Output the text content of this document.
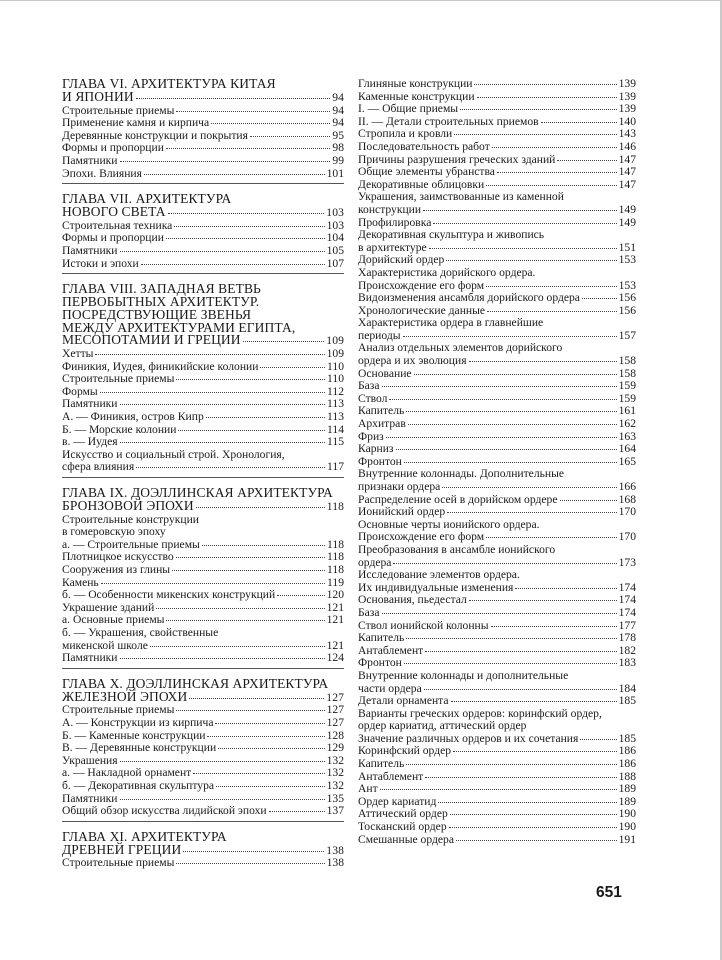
ГЛАВА VI. АРХИТЕКТУРА КИТАЯ
И ЯПОНИИ	94
Строительные приемы	94
Применение камня и кирпича	94
Деревянные конструкции и покрытия	95
Формы и пропорции	98
Памятники	99
Эпохи. Влияния	101
ГЛАВА VII. АРХИТЕКТУРА
НОВОГО СВЕТА	103
Строительная техника	103
Формы и пропорции	104
Памятники	105
Истоки и эпохи	107
ГЛАВА VIII. ЗАПАДНАЯ ВЕТВЬ
ПЕРВОБЫТНЫХ АРХИТЕКТУР.
ПОСРЕДСТВУЮЩИЕ ЗВЕНЬЯ
МЕЖДУ АРХИТЕКТУРАМИ ЕГИПТА,
МЕСОПОТАМИИ И ГРЕЦИИ	109
Хетты	109
Финикия, Иудея, финикийские колонии	110
Строительные приемы	110
Формы	112
Памятники	113
А. — Финикия, остров Кипр	113
Б. — Морские колонии	114
в. — Иудея	115
Искусство и социальный строй. Хронология,
сфера влияния	117
ГЛАВА IX. ДОЭЛЛИНСКАЯ АРХИТЕКТУРА
БРОНЗОВОЙ ЭПОХИ	118
Строительные конструкции
в гомеровскую эпоху
а. — Строительные приемы	118
Плотницкое искусство	118
Сооружения из глины	118
Камень	119
б. — Особенности микенских конструкций	120
Украшение зданий	121
а. Основные приемы	121
б. — Украшения, свойственные
микенской школе	121
Памятники	124
ГЛАВА X. ДОЭЛЛИНСКАЯ АРХИТЕКТУРА
ЖЕЛЕЗНОЙ ЭПОХИ	127
Строительные приемы	127
А. — Конструкции из кирпича	127
Б. — Каменные конструкции	128
В. — Деревянные конструкции	129
Украшения	132
а. — Накладной орнамент	132
б. — Декоративная скульптура	132
Памятники	135
Общий обзор искусства лидийской эпохи	137
ГЛАВА XI. АРХИТЕКТУРА
ДРЕВНЕЙ ГРЕЦИИ	138
Строительные приемы	138
Глиняные конструкции	139
Каменные конструкции	139
I. — Общие приемы	139
II. — Детали строительных приемов	140
Стропила и кровли	143
Последовательность работ	146
Причины разрушения греческих зданий	147
Общие элементы убранства	147
Декоративные облицовки	147
Украшения, заимствованные из каменной
конструкции	149
Профилировка	149
Декоративная скульптура и живопись
в архитектуре	151
Дорийский ордер	153
Характеристика дорийского ордера.
Происхождение его форм	153
Видоизменения ансамбля дорийского ордера	156
Хронологические данные	156
Характеристика ордера в главнейшие
периоды	157
Анализ отдельных элементов дорийского
ордера и их эволюция	158
Основание	158
База	159
Ствол	159
Капитель	161
Архитрав	162
Фриз	163
Карниз	164
Фронтон	165
Внутренние колоннады. Дополнительные
признаки ордера	166
Распределение осей в дорийском ордере	168
Ионийский ордер	170
Основные черты ионийского ордера.
Происхождение его форм	170
Преобразования в ансамбле ионийского
ордера	173
Исследование элементов ордера.
Их индивидуальные изменения	174
Основания, пьедестал	174
База	174
Ствол ионийской колонны	177
Капитель	178
Антаблемент	182
Фронтон	183
Внутренние колоннады и дополнительные
части ордера	184
Детали орнамента	185
Варианты греческих ордеров: коринфский ордер,
ордер кариатид, аттический ордер
Значение различных ордеров и их сочетания	185
Коринфский ордер	186
Капитель	186
Антаблемент	188
Ант	189
Ордер кариатид	189
Аттический ордер	190
Тосканский ордер	190
Смешанные ордера	191
651
